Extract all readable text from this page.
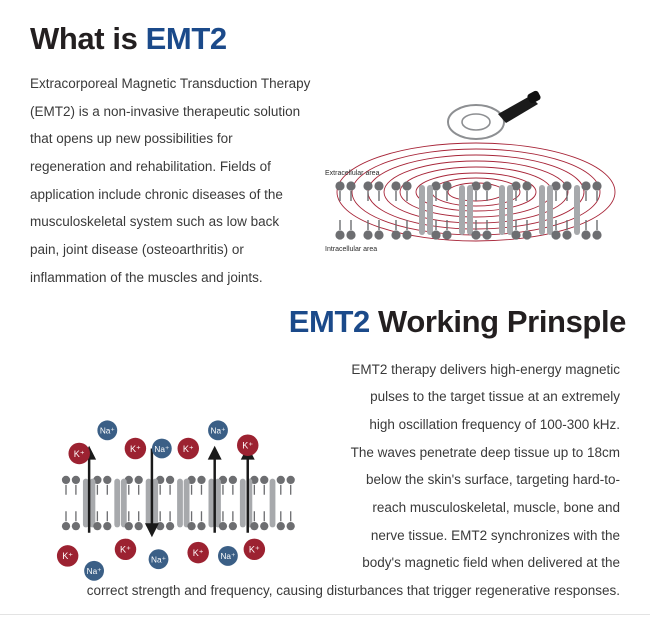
What is EMT2
Extracellular area
Intracellular area
Extracorporeal Magnetic Transduction Therapy (EMT2) is a non-invasive therapeutic solution that opens up new possibilities for regeneration and rehabilitation. Fields of application include chronic diseases of the musculoskeletal system such as low back pain, joint disease (osteoarthritis) or inflammation of the muscles and joints.
EMT2 Working Prinsple
K⁺	K⁺	K⁺	K⁺
K⁺
K⁺	K⁺	K⁺
Na⁺
Na⁺
Na⁺
Na⁺
Na⁺	Na⁺
EMT2 therapy delivers high-energy magnetic pulses to the target tissue at an extremely high oscillation frequency of 100-300 kHz. The waves penetrate deep tissue up to 18cm below the skin's surface, targeting hard-to-reach musculoskeletal, muscle, bone and nerve tissue. EMT2 synchronizes with the body's magnetic field when delivered at the correct strength and frequency, causing disturbances that trigger regenerative responses.
